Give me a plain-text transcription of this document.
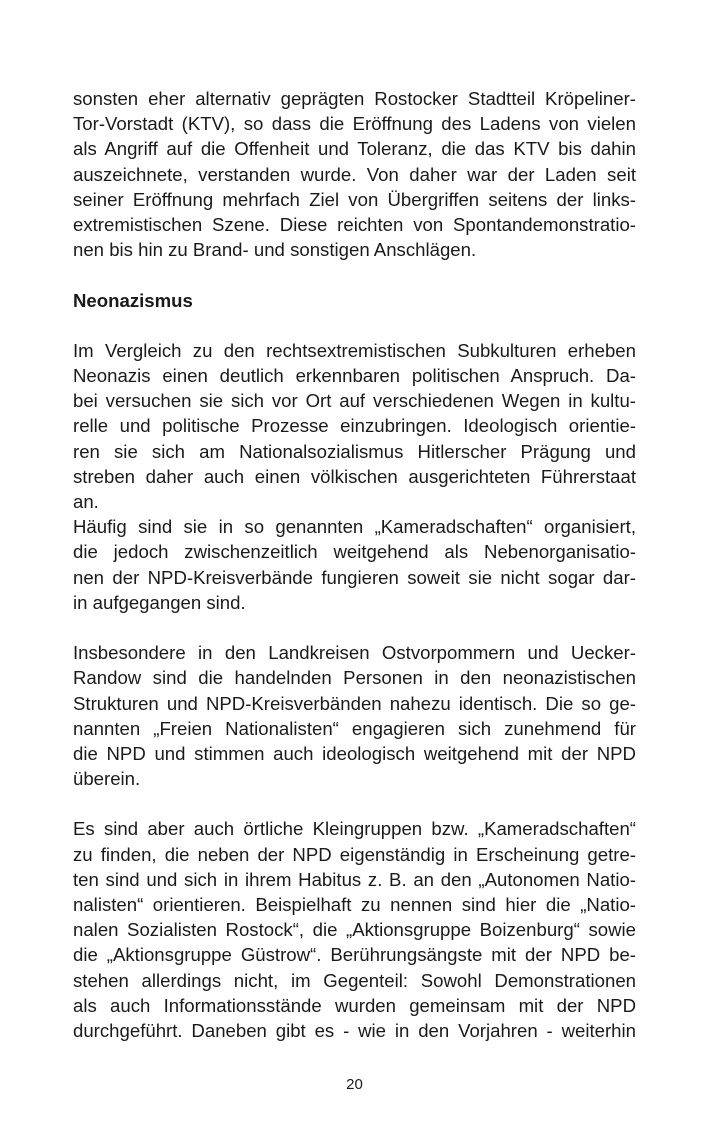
sonsten eher alternativ geprägten Rostocker Stadtteil Kröpeliner-
Tor-Vorstadt (KTV), so dass die Eröffnung des Ladens von vielen
als Angriff auf die Offenheit und Toleranz, die das KTV bis dahin
auszeichnete, verstanden wurde. Von daher war der Laden seit
seiner Eröffnung mehrfach Ziel von Übergriffen seitens der links-
extremistischen Szene. Diese reichten von Spontandemonstratio-
nen bis hin zu Brand- und sonstigen Anschlägen.
Neonazismus
Im Vergleich zu den rechtsextremistischen Subkulturen erheben
Neonazis einen deutlich erkennbaren politischen Anspruch. Da-
bei versuchen sie sich vor Ort auf verschiedenen Wegen in kultu-
relle und politische Prozesse einzubringen. Ideologisch orientie-
ren sie sich am Nationalsozialismus Hitlerscher Prägung und
streben daher auch einen völkischen ausgerichteten Führerstaat
an.
Häufig sind sie in so genannten „Kameradschaften“ organisiert,
die jedoch zwischenzeitlich weitgehend als Nebenorganisatio-
nen der NPD-Kreisverbände fungieren soweit sie nicht sogar dar-
in aufgegangen sind.
Insbesondere in den Landkreisen Ostvorpommern und Uecker-
Randow sind die handelnden Personen in den neonazistischen
Strukturen und NPD-Kreisverbänden nahezu identisch. Die so ge-
nannten „Freien Nationalisten“ engagieren sich zunehmend für
die NPD und stimmen auch ideologisch weitgehend mit der NPD
überein.
Es sind aber auch örtliche Kleingruppen bzw. „Kameradschaften“
zu finden, die neben der NPD eigenständig in Erscheinung getre-
ten sind und sich in ihrem Habitus z. B. an den „Autonomen Natio-
nalisten“ orientieren. Beispielhaft zu nennen sind hier die „Natio-
nalen Sozialisten Rostock“, die „Aktionsgruppe Boizenburg“ sowie
die „Aktionsgruppe Güstrow“. Berührungsängste mit der NPD be-
stehen allerdings nicht, im Gegenteil: Sowohl Demonstrationen
als auch Informationsstände wurden gemeinsam mit der NPD
durchgeführt. Daneben gibt es - wie in den Vorjahren - weiterhin
20
